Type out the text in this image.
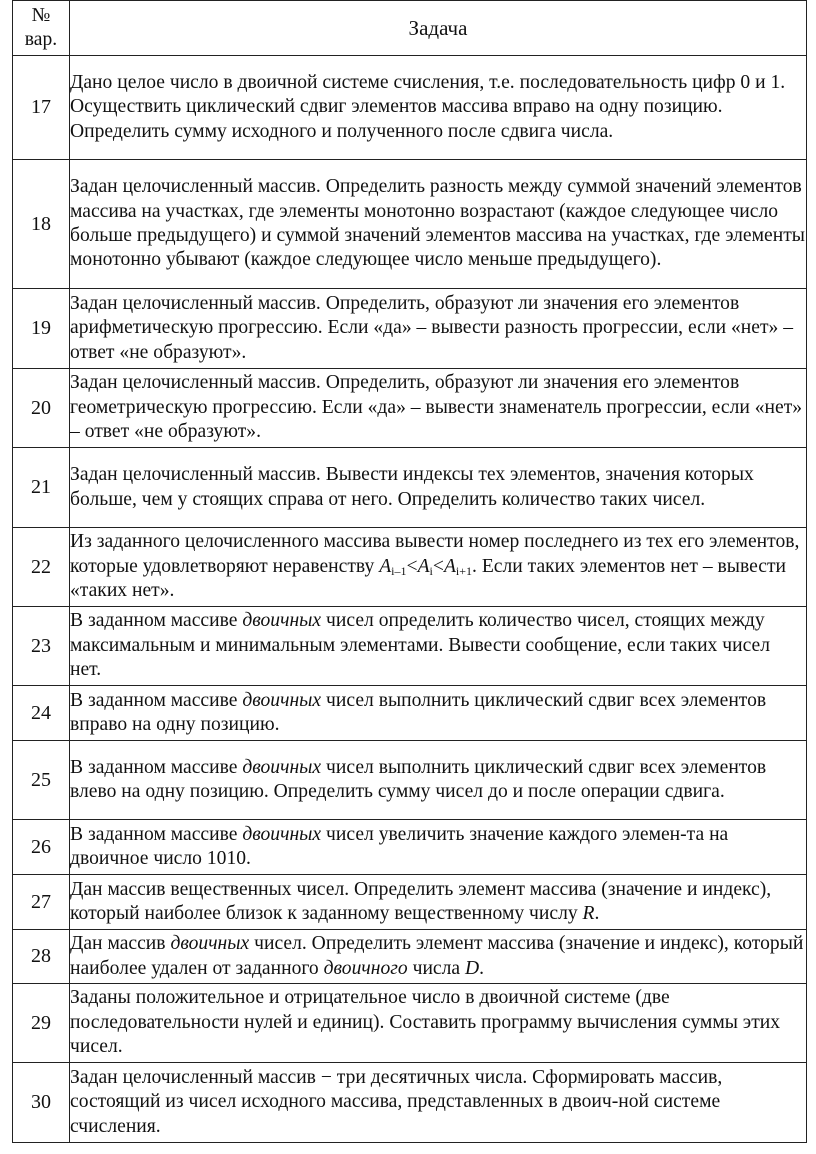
№
вар.	Задача
17	Дано целое число в двоичной системе счисления, т.е. последовательность цифр 0 и 1. Осуществить циклический сдвиг элементов массива вправо на одну позицию. Определить сумму исходного и полученного после сдвига числа.
18	Задан целочисленный массив. Определить разность между суммой значений элементов массива на участках, где элементы монотонно возрастают (каждое следующее число больше предыдущего) и суммой значений элементов массива на участках, где элементы монотонно убывают (каждое следующее число меньше предыдущего).
19	Задан целочисленный массив. Определить, образуют ли значения его элементов арифметическую прогрессию. Если «да» – вывести разность прогрессии, если «нет» – ответ «не образуют».
20	Задан целочисленный массив. Определить, образуют ли значения его элементов геометрическую прогрессию. Если «да» – вывести знаменатель прогрессии, если «нет» – ответ «не образуют».
21	Задан целочисленный массив. Вывести индексы тех элементов, значения которых больше, чем у стоящих справа от него. Определить количество таких чисел.
22	Из заданного целочисленного массива вывести номер последнего из тех его элементов, которые удовлетворяют неравенству $A_{i-1}<A_i<A_{i+1}$. Если таких элементов нет – вывести «таких нет».
23	В заданном массиве двоичных чисел определить количество чисел, стоящих между максимальным и минимальным элементами. Вывести сообщение, если таких чисел нет.
24	В заданном массиве двоичных чисел выполнить циклический сдвиг всех элементов вправо на одну позицию.
25	В заданном массиве двоичных чисел выполнить циклический сдвиг всех элементов влево на одну позицию. Определить сумму чисел до и после операции сдвига.
26	В заданном массиве двоичных чисел увеличить значение каждого элемен-та на двоичное число 1010.
27	Дан массив вещественных чисел. Определить элемент массива (значение и индекс), который наиболее близок к заданному вещественному числу R.
28	Дан массив двоичных чисел. Определить элемент массива (значение и индекс), который наиболее удален от заданного двоичного числа D.
29	Заданы положительное и отрицательное число в двоичной системе (две последовательности нулей и единиц). Составить программу вычисления суммы этих чисел.
30	Задан целочисленный массив − три десятичных числа. Сформировать массив, состоящий из чисел исходного массива, представленных в двоич-ной системе счисления.
